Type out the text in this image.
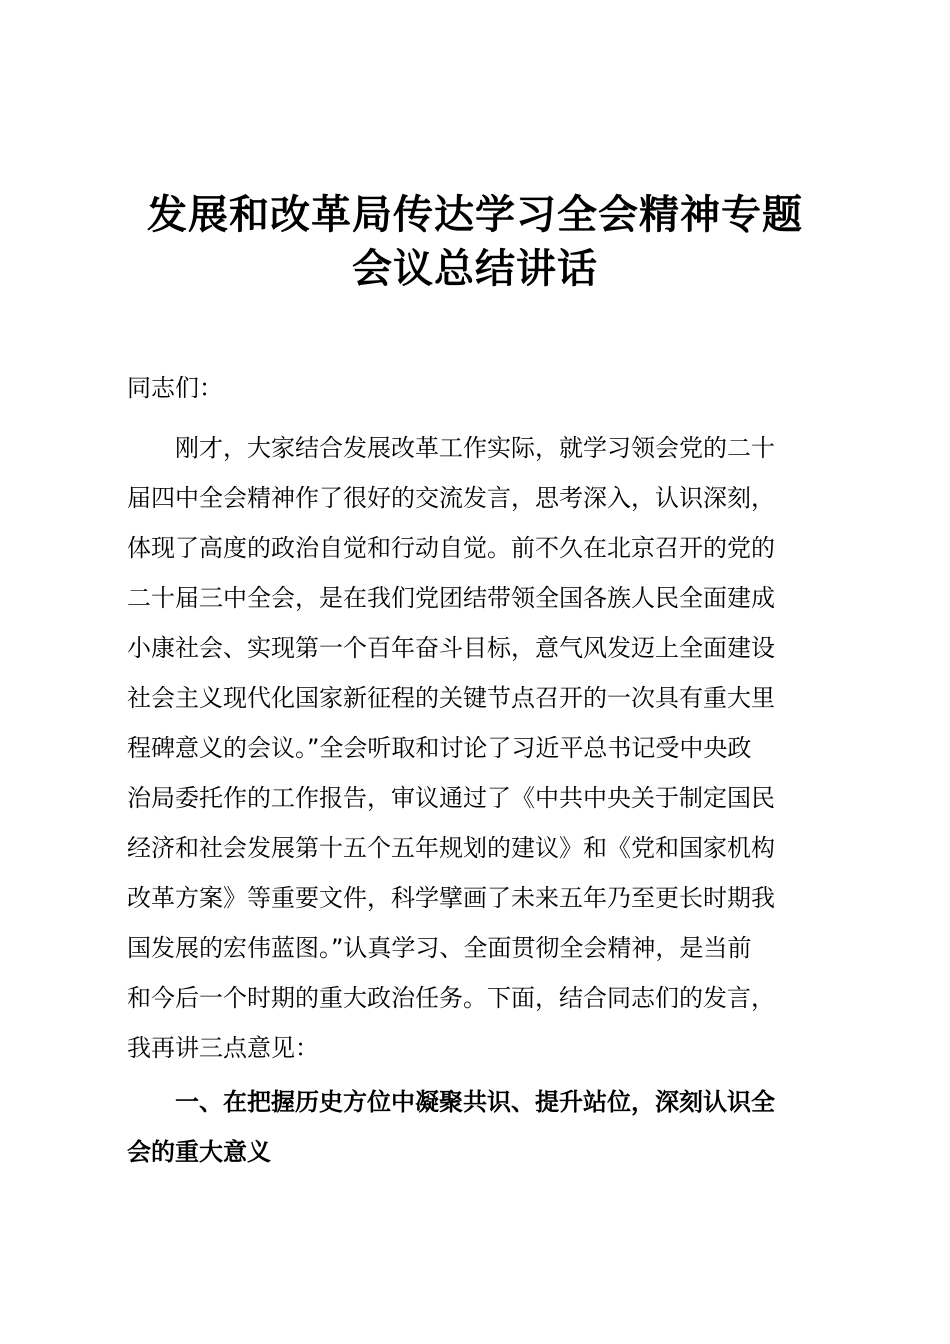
发展和改革局传达学习全会精神专题
会议总结讲话

同志们：

　　刚才，大家结合发展改革工作实际，就学习领会党的二十
届四中全会精神作了很好的交流发言，思考深入，认识深刻，
体现了高度的政治自觉和行动自觉。前不久在北京召开的党的
二十届三中全会，是在我们党团结带领全国各族人民全面建成
小康社会、实现第一个百年奋斗目标，意气风发迈上全面建设
社会主义现代化国家新征程的关键节点召开的一次具有重大里
程碑意义的会议。”全会听取和讨论了习近平总书记受中央政
治局委托作的工作报告，审议通过了《中共中央关于制定国民
经济和社会发展第十五个五年规划的建议》和《党和国家机构
改革方案》等重要文件，科学擘画了未来五年乃至更长时期我
国发展的宏伟蓝图。”认真学习、全面贯彻全会精神，是当前
和今后一个时期的重大政治任务。下面，结合同志们的发言，
我再讲三点意见：

　　一、在把握历史方位中凝聚共识、提升站位，深刻认识全
会的重大意义
